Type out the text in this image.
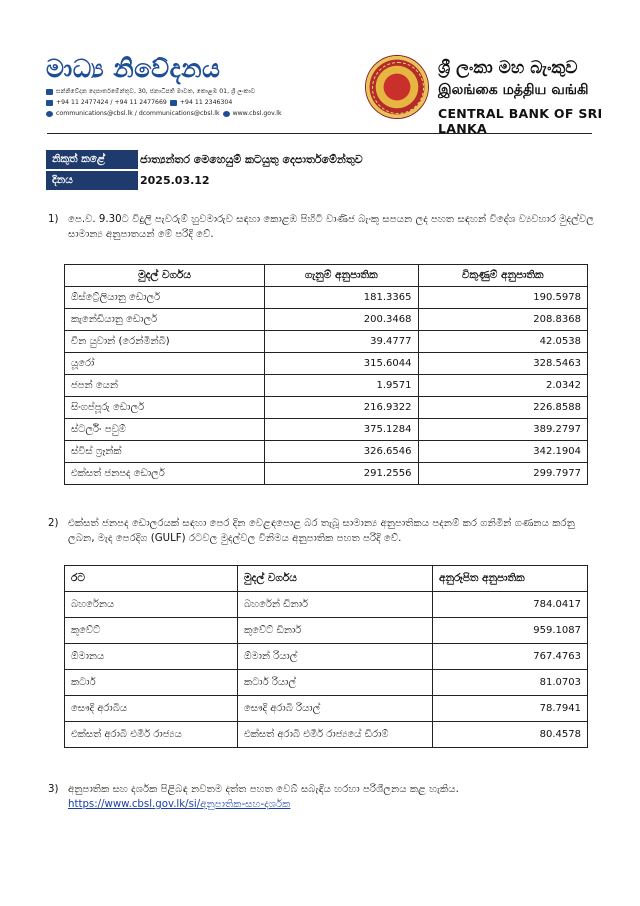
මාධ්‍ය නිවේදනය
සන්නිවේදන දෙපාර්තමේන්තුව, 30, ජනාධිපති මාවත, කොළඹ 01, ශ්‍රී ලංකාව
+94 11 2477424 / +94 11 2477669 +94 11 2346304
communications@cbsl.lk / dcommunications@cbsl.lk www.cbsl.gov.lk
ශ්‍රී ලංකා මහ බැංකුව
இலங்கை மத்திய வங்கி
CENTRAL BANK OF SRI LANKA
නිකුත් කළේ	ජාත්‍යන්තර මෙහෙයුම් කටයුතු දෙපාර්තමේන්තුව
දිනය	2025.03.12
1) පෙ.ව. 9.30ට විදුලි පැවරුම් හුවමාරුව සඳහා කොළඹ පිහිටි වාණිජ බැංකු සපයන ලද පහත සඳහන් විදේශ ව්‍යවහාර මුදල්වල සාමාන්‍ය අනුපාතයන් මේ පරිදි වේ.
මුදල් වර්ගය	ගැනුම් අනුපාතික	විකුණුම් අනුපාතික
ඕස්ට්‍රේලියානු ඩොලර්	181.3365	190.5978
කැනේඩියානු ඩොලර්	200.3468	208.8368
චීන යුවාන් (රෙන්මින්බි)	39.4777	42.0538
යූරෝ	315.6044	328.5463
ජපන් යෙන්	1.9571	2.0342
සිංගප්පූරු ඩොලර්	216.9322	226.8588
ස්ටර්ලිං පවුම්	375.1284	389.2797
ස්විස් ෆ්‍රෑන්ක්	326.6546	342.1904
එක්සත් ජනපද ඩොලර්	291.2556	299.7977
2) එක්සත් ජනපද ඩොලරයක් සඳහා පෙර දින වෙළඳපොළ බර තැබූ සාමාන්‍ය අනුපාතිකය පදනම් කර ගනිමින් ගණනය කරනු ලබන, මැද පෙරදිග (GULF) රටවල මුදල්වල විනිමය අනුපාතික පහත පරිදි වේ.
රට	මුදල් වර්ගය	අනුරූපිත අනුපාතික
බහරේනය	බහරේන් ඩිනාර්	784.0417
කුවේට්	කුවේට් ඩිනාර්	959.1087
ඕමානය	ඕමාන් රියාල්	767.4763
කටාර්	කටාර් රියාල්	81.0703
සෞදි අරාබිය	සෞදි අරාබි රියාල්	78.7941
එක්සත් අරාබි එමීර් රාජ්‍යය	එක්සත් අරාබි එමීර් රාජ්‍යයේ ඩිරාම්	80.4578
3) අනුපාතික සහ දර්ශක පිළිබඳ නවතම දත්ත පහත වෙබ් සබැඳිය හරහා පරිශීලනය කළ හැකිය.
https://www.cbsl.gov.lk/si/අනුපාතික-සහ-දර්ශක
